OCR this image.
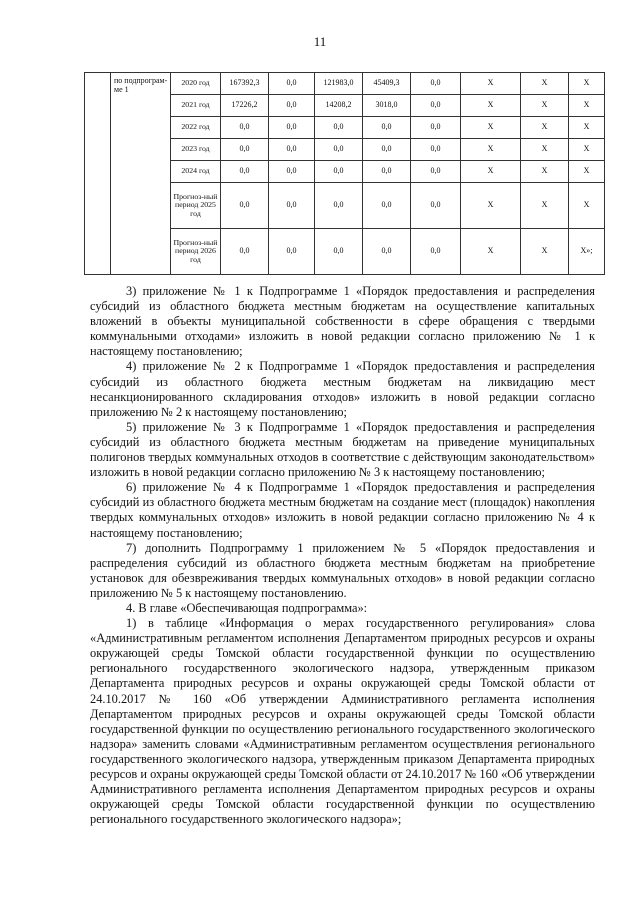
11
	по подпрограм-ме 1	2020 год	167392,3	0,0	121983,0	45409,3	0,0	Х	Х	Х
		2021 год	17226,2	0,0	14208,2	3018,0	0,0	Х	Х	Х
		2022 год	0,0	0,0	0,0	0,0	0,0	Х	Х	Х
		2023 год	0,0	0,0	0,0	0,0	0,0	Х	Х	Х
		2024 год	0,0	0,0	0,0	0,0	0,0	Х	Х	Х
		Прогноз-ный период 2025 год	0,0	0,0	0,0	0,0	0,0	Х	Х	Х
		Прогноз-ный период 2026 год	0,0	0,0	0,0	0,0	0,0	Х	Х	Х»;

3) приложение № 1 к Подпрограмме 1 «Порядок предоставления и распределения субсидий из областного бюджета местным бюджетам на осуществление капитальных вложений в объекты муниципальной собственности в сфере обращения с твердыми коммунальными отходами» изложить в новой редакции согласно приложению № 1 к настоящему постановлению;

4) приложение № 2 к Подпрограмме 1 «Порядок предоставления и распределения субсидий из областного бюджета местным бюджетам на ликвидацию мест несанкционированного складирования отходов» изложить в новой редакции согласно приложению № 2 к настоящему постановлению;

5) приложение № 3 к Подпрограмме 1 «Порядок предоставления и распределения субсидий из областного бюджета местным бюджетам на приведение муниципальных полигонов твердых коммунальных отходов в соответствие с действующим законодательством» изложить в новой редакции согласно приложению № 3 к настоящему постановлению;

6) приложение № 4 к Подпрограмме 1 «Порядок предоставления и распределения субсидий из областного бюджета местным бюджетам на создание мест (площадок) накопления твердых коммунальных отходов» изложить в новой редакции согласно приложению № 4 к настоящему постановлению;

7) дополнить Подпрограмму 1 приложением № 5 «Порядок предоставления и распределения субсидий из областного бюджета местным бюджетам на приобретение установок для обезвреживания твердых коммунальных отходов» в новой редакции согласно приложению № 5 к настоящему постановлению.

4. В главе «Обеспечивающая подпрограмма»:

1) в таблице «Информация о мерах государственного регулирования» слова «Административным регламентом исполнения Департаментом природных ресурсов и охраны окружающей среды Томской области государственной функции по осуществлению регионального государственного экологического надзора, утвержденным приказом Департамента природных ресурсов и охраны окружающей среды Томской области от 24.10.2017 № 160 «Об утверждении Административного регламента исполнения Департаментом природных ресурсов и охраны окружающей среды Томской области государственной функции по осуществлению регионального государственного экологического надзора» заменить словами «Административным регламентом осуществления регионального государственного экологического надзора, утвержденным приказом Департамента природных ресурсов и охраны окружающей среды Томской области от 24.10.2017 № 160 «Об утверждении Административного регламента исполнения Департаментом природных ресурсов и охраны окружающей среды Томской области государственной функции по осуществлению регионального государственного экологического надзора»;
